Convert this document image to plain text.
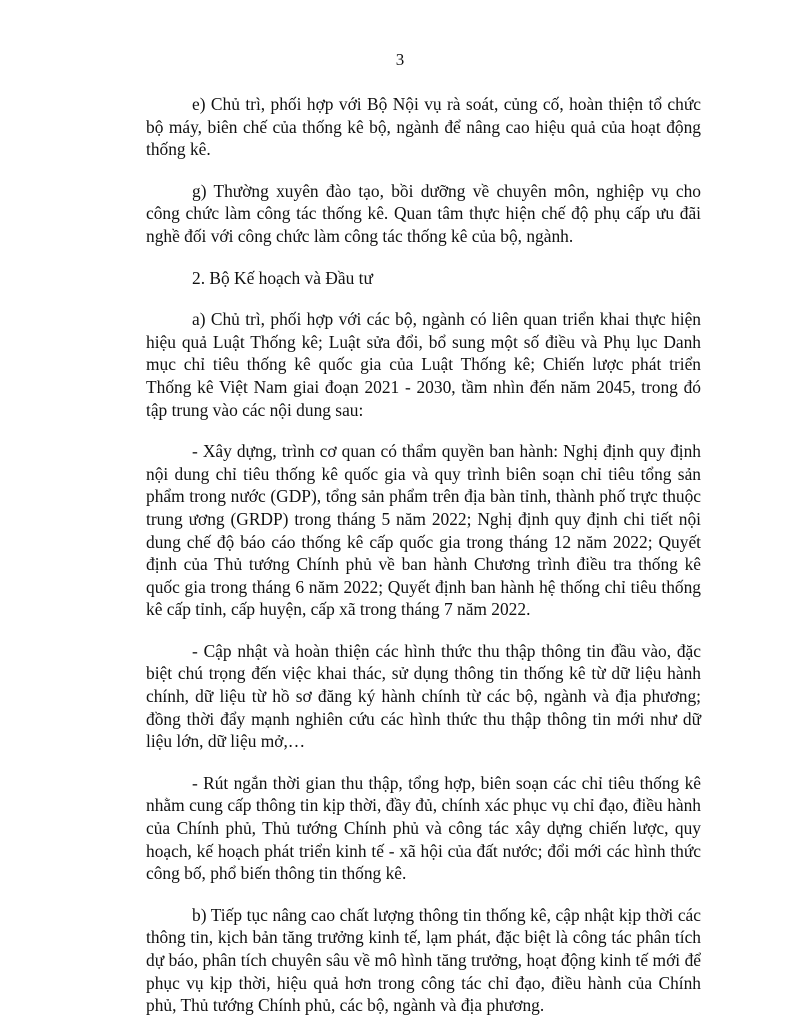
3

e) Chủ trì, phối hợp với Bộ Nội vụ rà soát, củng cố, hoàn thiện tổ chức bộ máy, biên chế của thống kê bộ, ngành để nâng cao hiệu quả của hoạt động thống kê.

g) Thường xuyên đào tạo, bồi dưỡng về chuyên môn, nghiệp vụ cho công chức làm công tác thống kê. Quan tâm thực hiện chế độ phụ cấp ưu đãi nghề đối với công chức làm công tác thống kê của bộ, ngành.

2. Bộ Kế hoạch và Đầu tư

a) Chủ trì, phối hợp với các bộ, ngành có liên quan triển khai thực hiện hiệu quả Luật Thống kê; Luật sửa đổi, bổ sung một số điều và Phụ lục Danh mục chỉ tiêu thống kê quốc gia của Luật Thống kê; Chiến lược phát triển Thống kê Việt Nam giai đoạn 2021 - 2030, tầm nhìn đến năm 2045, trong đó tập trung vào các nội dung sau:

- Xây dựng, trình cơ quan có thẩm quyền ban hành: Nghị định quy định nội dung chỉ tiêu thống kê quốc gia và quy trình biên soạn chỉ tiêu tổng sản phẩm trong nước (GDP), tổng sản phẩm trên địa bàn tỉnh, thành phố trực thuộc trung ương (GRDP) trong tháng 5 năm 2022; Nghị định quy định chi tiết nội dung chế độ báo cáo thống kê cấp quốc gia trong tháng 12 năm 2022; Quyết định của Thủ tướng Chính phủ về ban hành Chương trình điều tra thống kê quốc gia trong tháng 6 năm 2022; Quyết định ban hành hệ thống chỉ tiêu thống kê cấp tỉnh, cấp huyện, cấp xã trong tháng 7 năm 2022.

- Cập nhật và hoàn thiện các hình thức thu thập thông tin đầu vào, đặc biệt chú trọng đến việc khai thác, sử dụng thông tin thống kê từ dữ liệu hành chính, dữ liệu từ hồ sơ đăng ký hành chính từ các bộ, ngành và địa phương; đồng thời đẩy mạnh nghiên cứu các hình thức thu thập thông tin mới như dữ liệu lớn, dữ liệu mở,…

- Rút ngắn thời gian thu thập, tổng hợp, biên soạn các chỉ tiêu thống kê nhằm cung cấp thông tin kịp thời, đầy đủ, chính xác phục vụ chỉ đạo, điều hành của Chính phủ, Thủ tướng Chính phủ và công tác xây dựng chiến lược, quy hoạch, kế hoạch phát triển kinh tế - xã hội của đất nước; đổi mới các hình thức công bố, phổ biến thông tin thống kê.

b) Tiếp tục nâng cao chất lượng thông tin thống kê, cập nhật kịp thời các thông tin, kịch bản tăng trưởng kinh tế, lạm phát, đặc biệt là công tác phân tích dự báo, phân tích chuyên sâu về mô hình tăng trưởng, hoạt động kinh tế mới để phục vụ kịp thời, hiệu quả hơn trong công tác chỉ đạo, điều hành của Chính phủ, Thủ tướng Chính phủ, các bộ, ngành và địa phương.
